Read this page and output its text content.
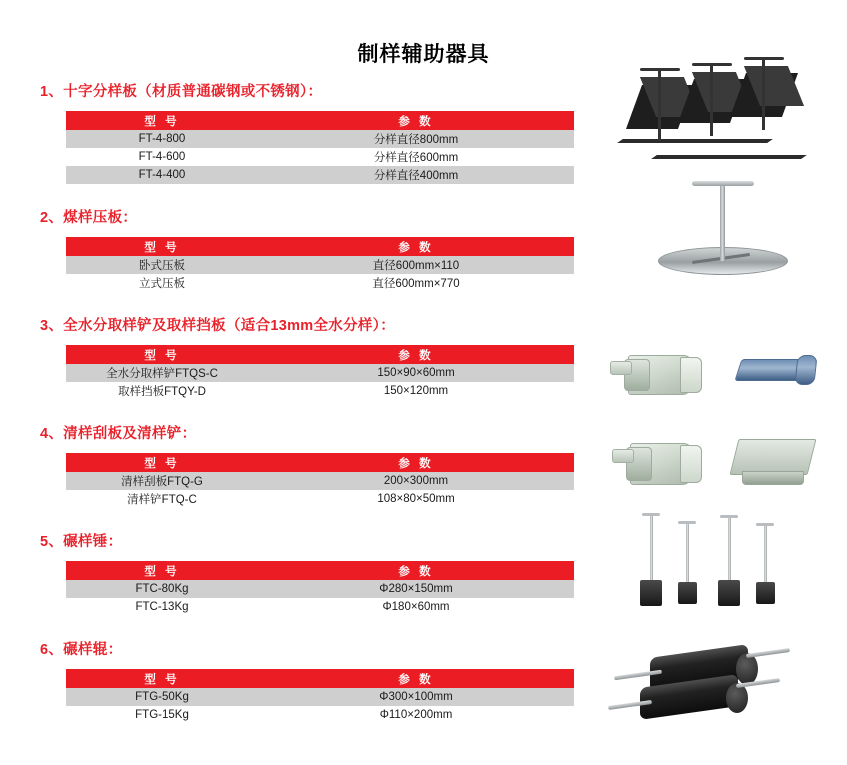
制样辅助器具
1、十字分样板（材质普通碳钢或不锈钢）：
型 号	参 数
FT-4-800	分样直径800mm
FT-4-600	分样直径600mm
FT-4-400	分样直径400mm
2、煤样压板：
型 号	参 数
卧式压板	直径600mm×110
立式压板	直径600mm×770
3、全水分取样铲及取样挡板（适合13mm全水分样）：
型 号	参 数
全水分取样铲FTQS-C	150×90×60mm
取样挡板FTQY-D	150×120mm
4、清样刮板及清样铲：
型 号	参 数
清样刮板FTQ-G	200×300mm
清样铲FTQ-C	108×80×50mm
5、碾样锤：
型 号	参 数
FTC-80Kg	Φ280×150mm
FTC-13Kg	Φ180×60mm
6、碾样辊：
型 号	参 数
FTG-50Kg	Φ300×100mm
FTG-15Kg	Φ110×200mm
